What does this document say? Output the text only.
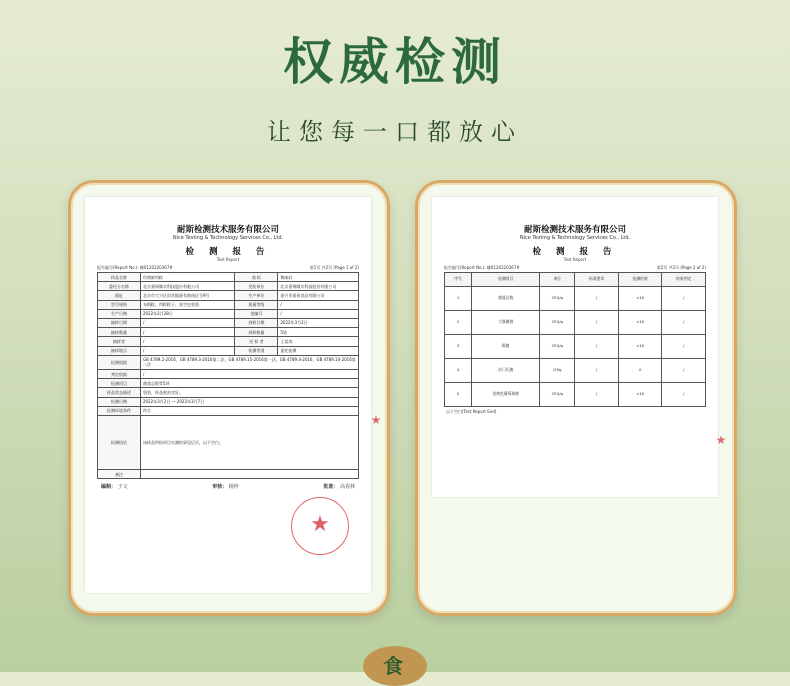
权威检测
让您每一口都放心
耐斯检测技术服务有限公司
Nice Testing & Technology Services Co., Ltd.
检 测 报 告
Test Report
报告编号(Report No.): 嘟0120220367#	第1页 共2页 (Page 1 of 2)
样品名称	经典鲜肉粽	商 标	隽味轩
委托方名称	北京嘉锡顺实科技股份有限公司	受检单位	北京嘉锡顺实科技股份有限公司
地址	北京市大兴区旧宫镇嘉有路南区号9号	生产单位	嘉兴市嘉裕食品有限公司
型号规格	布朗粽、肉粽粽子、真空包装袋	质量等级	/
生产日期	2022年2月28日	批编号	/
抽样日期	/	到样日期	2022年3月2日
抽样数量	/	到样数量	5袋
抽样者	/	送 样 者	王某涛
抽样地点	/	检测类别	委托检测
检测依据	GB 4789.2-2016、GB 4789.3-2016第二法、GB 4789.15-2016第一法、GB 4789.4-2016、GB 4789.10-2016第二法		
判定依据	/		
检测项目	菌落总数等5项		
样品状态描述	袋装，样品密封完好。		
检测日期	2022年3月2日 — 2022年3月7日		
检测环境条件	符合		
检测结论	该样品所检项目实测结果见后页，以下空白。		
备注			
编制： 于文	审核： 杨梓	批准： 高春林
★
★
耐斯检测技术服务有限公司
Nice Testing & Technology Services Co., Ltd.
检 测 报 告
Test Report
报告编号(Report No.): 嘟0120220367#	第2页 共2页 (Page 2 of 2)
序号	检测项目	单位	标准要求	检测结果	结果判定
1	菌落总数	CFU/g	/	<10	/
2	大肠菌群	CFU/g	/	<10	/
3	霉菌	CFU/g	/	<10	/
4	沙门氏菌	/25g	/	0	/
5	金黄色葡萄球菌	CFU/g	/	<10	/
以下空白(Test Report End)
★
食
